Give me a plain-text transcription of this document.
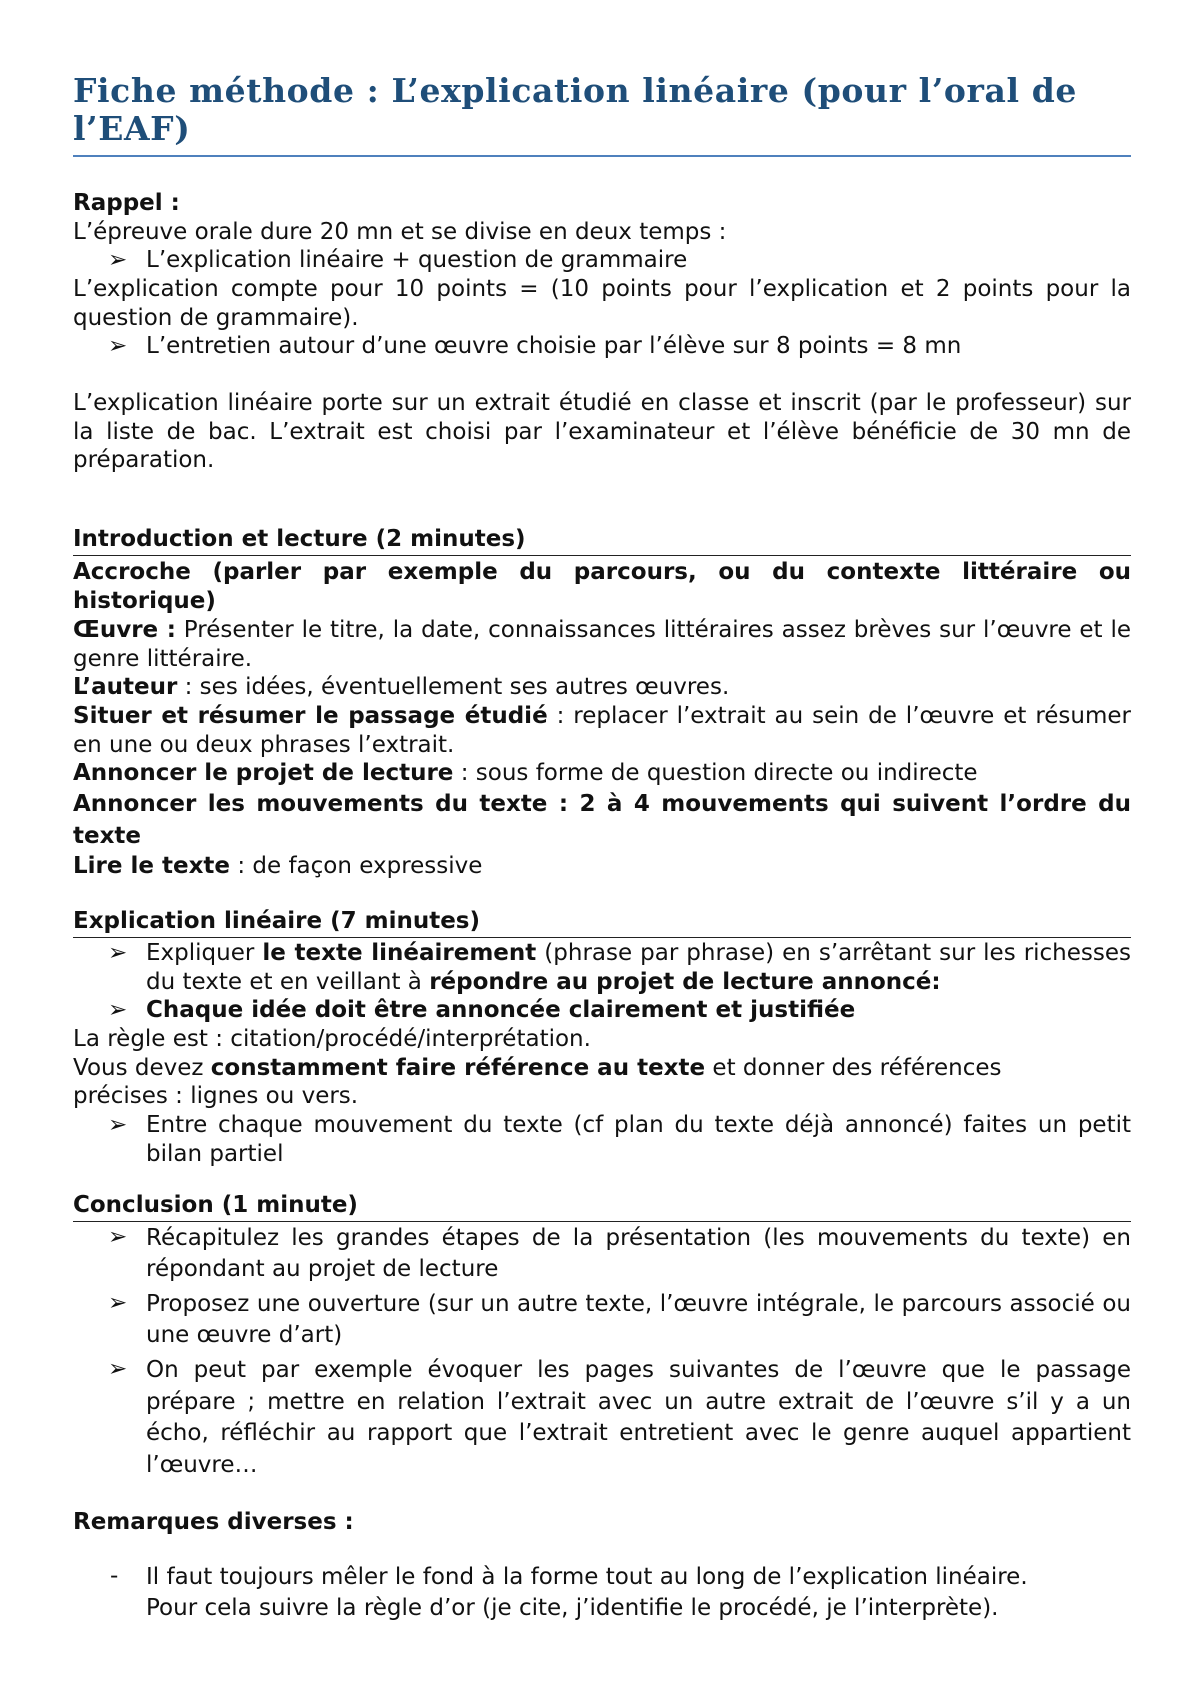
Fiche méthode : L’explication linéaire (pour l’oral de l’EAF)
Rappel :
L’épreuve orale dure 20 mn et se divise en deux temps :
➢ L’explication linéaire + question de grammaire
L’explication compte pour 10 points = (10 points pour l’explication et 2 points pour la question de grammaire).
➢ L’entretien autour d’une œuvre choisie par l’élève sur 8 points = 8 mn
L’explication linéaire porte sur un extrait étudié en classe et inscrit (par le professeur) sur la liste de bac. L’extrait est choisi par l’examinateur et l’élève bénéficie de 30 mn de préparation.
Introduction et lecture (2 minutes)
Accroche (parler par exemple du parcours, ou du contexte littéraire ou historique)
Œuvre : Présenter le titre, la date, connaissances littéraires assez brèves sur l’œuvre et le genre littéraire.
L’auteur : ses idées, éventuellement ses autres œuvres.
Situer et résumer le passage étudié : replacer l’extrait au sein de l’œuvre et résumer en une ou deux phrases l’extrait.
Annoncer le projet de lecture : sous forme de question directe ou indirecte
Annoncer les mouvements du texte : 2 à 4 mouvements qui suivent l’ordre du texte
Lire le texte : de façon expressive
Explication linéaire (7 minutes)
➢ Expliquer le texte linéairement (phrase par phrase) en s’arrêtant sur les richesses du texte et en veillant à répondre au projet de lecture annoncé:
➢ Chaque idée doit être annoncée clairement et justifiée
La règle est : citation/procédé/interprétation.
Vous devez constamment faire référence au texte et donner des références
précises : lignes ou vers.
➢ Entre chaque mouvement du texte (cf plan du texte déjà annoncé) faites un petit bilan partiel
Conclusion (1 minute)
➢ Récapitulez les grandes étapes de la présentation (les mouvements du texte) en répondant au projet de lecture
➢ Proposez une ouverture (sur un autre texte, l’œuvre intégrale, le parcours associé ou une œuvre d’art)
➢ On peut par exemple évoquer les pages suivantes de l’œuvre que le passage prépare ; mettre en relation l’extrait avec un autre extrait de l’œuvre s’il y a un écho, réfléchir au rapport que l’extrait entretient avec le genre auquel appartient l’œuvre…
Remarques diverses :
-	Il faut toujours mêler le fond à la forme tout au long de l’explication linéaire.
Pour cela suivre la règle d’or (je cite, j’identifie le procédé, je l’interprète).
